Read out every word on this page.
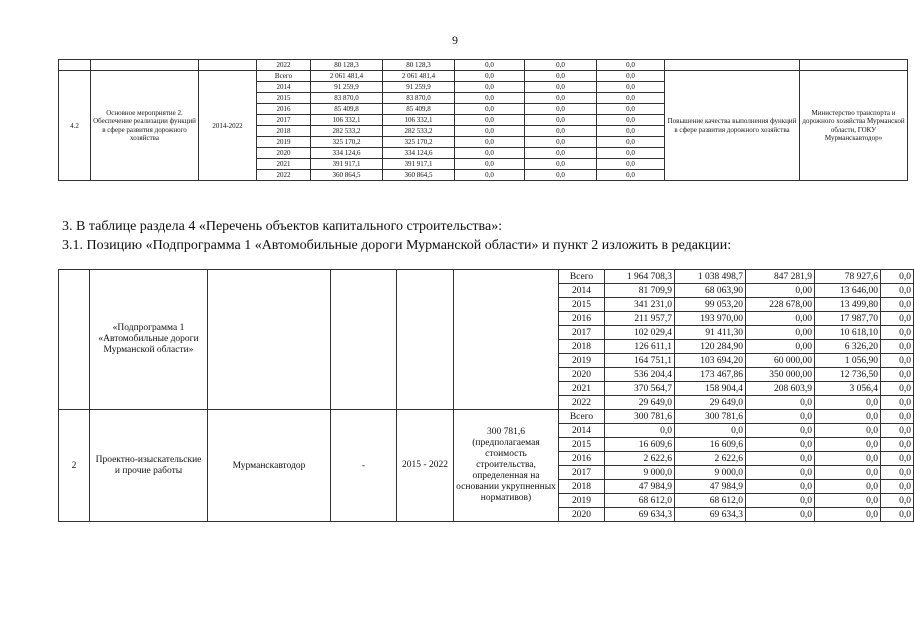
9
			2022	80 128,3	80 128,3	0,0	0,0	0,0		
4.2	Основное мероприятие 2. Обеспечение реализации функций в сфере развития дорожного хозяйства	2014-2022	Всего	2 061 481,4	2 061 481,4	0,0	0,0	0,0	Повышение качества выполнения функций в сфере развития дорожного хозяйства	Министерство транспорта и дорожного хозяйства Мурманской области, ГОКУ Мурманскавтодор»
			2014	91 259,9	91 259,9	0,0	0,0	0,0		
			2015	83 870,0	83 870,0	0,0	0,0	0,0		
			2016	85 409,8	85 409,8	0,0	0,0	0,0		
			2017	106 332,1	106 332,1	0,0	0,0	0,0		
			2018	282 533,2	282 533,2	0,0	0,0	0,0		
			2019	325 170,2	325 170,2	0,0	0,0	0,0		
			2020	334 124,6	334 124,6	0,0	0,0	0,0		
			2021	391 917,1	391 917,1	0,0	0,0	0,0		
			2022	360 864,5	360 864,5	0,0	0,0	0,0		
3. В таблице раздела 4 «Перечень объектов капитального строительства»:
3.1. Позицию «Подпрограмма 1 «Автомобильные дороги Мурманской области» и пункт 2 изложить в редакции:
	«Подпрограмма 1 «Автомобильные дороги Мурманской области»					Всего	1 964 708,3	1 038 498,7	847 281,9	78 927,6	0,0
						2014	81 709,9	68 063,90	0,00	13 646,00	0,0
						2015	341 231,0	99 053,20	228 678,00	13 499,80	0,0
						2016	211 957,7	193 970,00	0,00	17 987,70	0,0
						2017	102 029,4	91 411,30	0,00	10 618,10	0,0
						2018	126 611,1	120 284,90	0,00	6 326,20	0,0
						2019	164 751,1	103 694,20	60 000,00	1 056,90	0,0
						2020	536 204,4	173 467,86	350 000,00	12 736,50	0,0
						2021	370 564,7	158 904,4	208 603,9	3 056,4	0,0
						2022	29 649,0	29 649,0	0,0	0,0	0,0
2	Проектно-изыскательские и прочие работы	Мурманскавтодор	-	2015 - 2022	300 781,6 (предполагаемая стоимость строительства, определенная на основании укрупненных нормативов)	Всего	300 781,6	300 781,6	0,0	0,0	0,0
						2014	0,0	0,0	0,0	0,0	0,0
						2015	16 609,6	16 609,6	0,0	0,0	0,0
						2016	2 622,6	2 622,6	0,0	0,0	0,0
						2017	9 000,0	9 000,0	0,0	0,0	0,0
						2018	47 984,9	47 984,9	0,0	0,0	0,0
						2019	68 612,0	68 612,0	0,0	0,0	0,0
						2020	69 634,3	69 634,3	0,0	0,0	0,0
